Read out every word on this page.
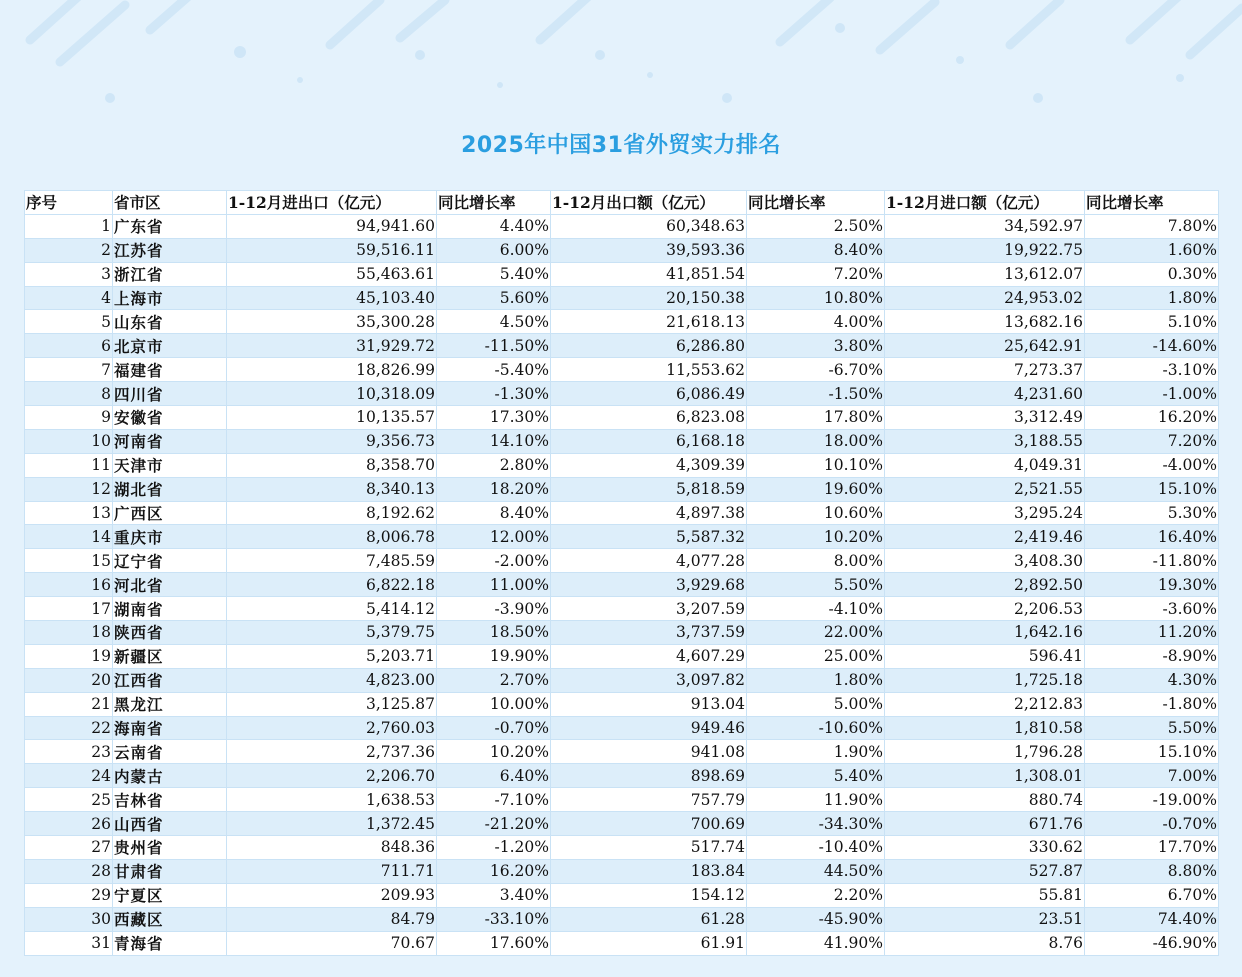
2025年中国31省外贸实力排名
序号	省市区	1-12月进出口（亿元）	同比增长率	1-12月出口额（亿元）	同比增长率	1-12月进口额（亿元）	同比增长率
1	广东省	94,941.60	4.40%	60,348.63	2.50%	34,592.97	7.80%
2	江苏省	59,516.11	6.00%	39,593.36	8.40%	19,922.75	1.60%
3	浙江省	55,463.61	5.40%	41,851.54	7.20%	13,612.07	0.30%
4	上海市	45,103.40	5.60%	20,150.38	10.80%	24,953.02	1.80%
5	山东省	35,300.28	4.50%	21,618.13	4.00%	13,682.16	5.10%
6	北京市	31,929.72	-11.50%	6,286.80	3.80%	25,642.91	-14.60%
7	福建省	18,826.99	-5.40%	11,553.62	-6.70%	7,273.37	-3.10%
8	四川省	10,318.09	-1.30%	6,086.49	-1.50%	4,231.60	-1.00%
9	安徽省	10,135.57	17.30%	6,823.08	17.80%	3,312.49	16.20%
10	河南省	9,356.73	14.10%	6,168.18	18.00%	3,188.55	7.20%
11	天津市	8,358.70	2.80%	4,309.39	10.10%	4,049.31	-4.00%
12	湖北省	8,340.13	18.20%	5,818.59	19.60%	2,521.55	15.10%
13	广西区	8,192.62	8.40%	4,897.38	10.60%	3,295.24	5.30%
14	重庆市	8,006.78	12.00%	5,587.32	10.20%	2,419.46	16.40%
15	辽宁省	7,485.59	-2.00%	4,077.28	8.00%	3,408.30	-11.80%
16	河北省	6,822.18	11.00%	3,929.68	5.50%	2,892.50	19.30%
17	湖南省	5,414.12	-3.90%	3,207.59	-4.10%	2,206.53	-3.60%
18	陕西省	5,379.75	18.50%	3,737.59	22.00%	1,642.16	11.20%
19	新疆区	5,203.71	19.90%	4,607.29	25.00%	596.41	-8.90%
20	江西省	4,823.00	2.70%	3,097.82	1.80%	1,725.18	4.30%
21	黑龙江	3,125.87	10.00%	913.04	5.00%	2,212.83	-1.80%
22	海南省	2,760.03	-0.70%	949.46	-10.60%	1,810.58	5.50%
23	云南省	2,737.36	10.20%	941.08	1.90%	1,796.28	15.10%
24	内蒙古	2,206.70	6.40%	898.69	5.40%	1,308.01	7.00%
25	吉林省	1,638.53	-7.10%	757.79	11.90%	880.74	-19.00%
26	山西省	1,372.45	-21.20%	700.69	-34.30%	671.76	-0.70%
27	贵州省	848.36	-1.20%	517.74	-10.40%	330.62	17.70%
28	甘肃省	711.71	16.20%	183.84	44.50%	527.87	8.80%
29	宁夏区	209.93	3.40%	154.12	2.20%	55.81	6.70%
30	西藏区	84.79	-33.10%	61.28	-45.90%	23.51	74.40%
31	青海省	70.67	17.60%	61.91	41.90%	8.76	-46.90%
